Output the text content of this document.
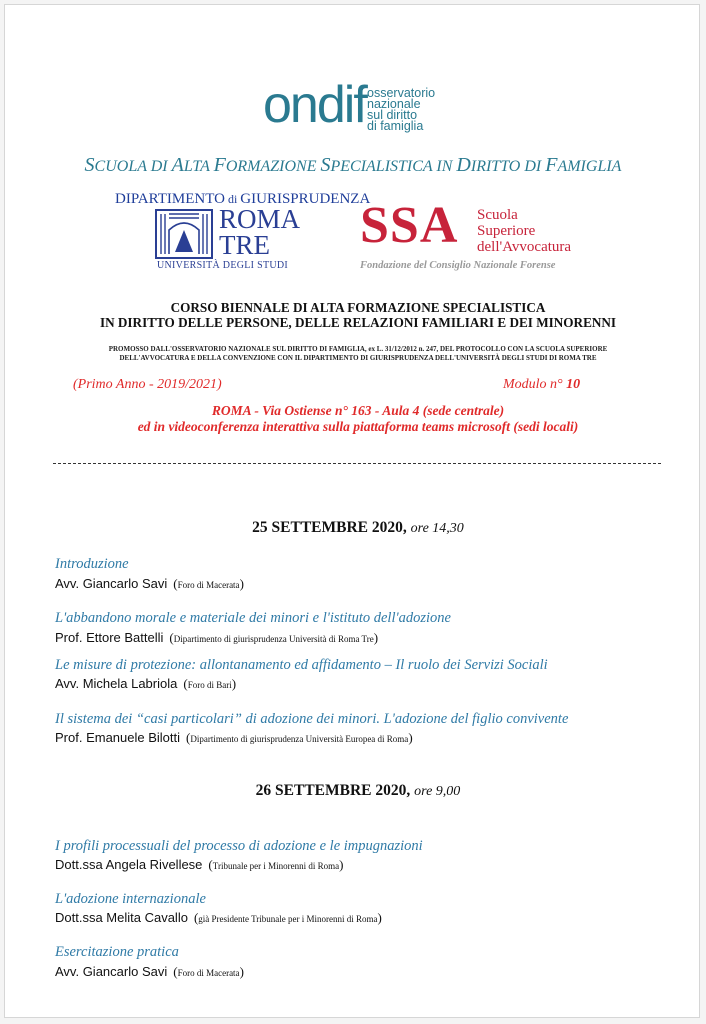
ondif osservatorio
nazionale
sul diritto
di famiglia
SCUOLA DI ALTA FORMAZIONE SPECIALISTICA IN DIRITTO DI FAMIGLIA
DIPARTIMENTO di GIURISPRUDENZA
ROMA
TRE
UNIVERSITÀ DEGLI STUDI
SSA Scuola
Superiore
dell'Avvocatura
Fondazione del Consiglio Nazionale Forense
CORSO BIENNALE DI ALTA FORMAZIONE SPECIALISTICA
IN DIRITTO DELLE PERSONE, DELLE RELAZIONI FAMILIARI E DEI MINORENNI
PROMOSSO DALL'OSSERVATORIO NAZIONALE SUL DIRITTO DI FAMIGLIA, ex L. 31/12/2012 n. 247, DEL PROTOCOLLO CON LA SCUOLA SUPERIORE
DELL'AVVOCATURA E DELLA CONVENZIONE CON IL DIPARTIMENTO DI GIURISPRUDENZA DELL'UNIVERSITÀ DEGLI STUDI DI ROMA TRE
(Primo Anno - 2019/2021)	Modulo n° 10
ROMA - Via Ostiense n° 163 - Aula 4 (sede centrale)
ed in videoconferenza interattiva sulla piattaforma teams microsoft (sedi locali)
25 SETTEMBRE 2020, ore 14,30
Introduzione
Avv. Giancarlo Savi ( Foro di Macerata )
L'abbandono morale e materiale dei minori e l'istituto dell'adozione
Prof. Ettore Battelli ( Dipartimento di giurisprudenza Università di Roma Tre )
Le misure di protezione: allontanamento ed affidamento – Il ruolo dei Servizi Sociali
Avv. Michela Labriola ( Foro di Bari )
Il sistema dei “casi particolari” di adozione dei minori. L'adozione del figlio convivente
Prof. Emanuele Bilotti ( Dipartimento di giurisprudenza Università Europea di Roma )
26 SETTEMBRE 2020, ore 9,00
I profili processuali del processo di adozione e le impugnazioni
Dott.ssa Angela Rivellese ( Tribunale per i Minorenni di Roma )
L'adozione internazionale
Dott.ssa Melita Cavallo ( già Presidente Tribunale per i Minorenni di Roma )
Esercitazione pratica
Avv. Giancarlo Savi ( Foro di Macerata )
